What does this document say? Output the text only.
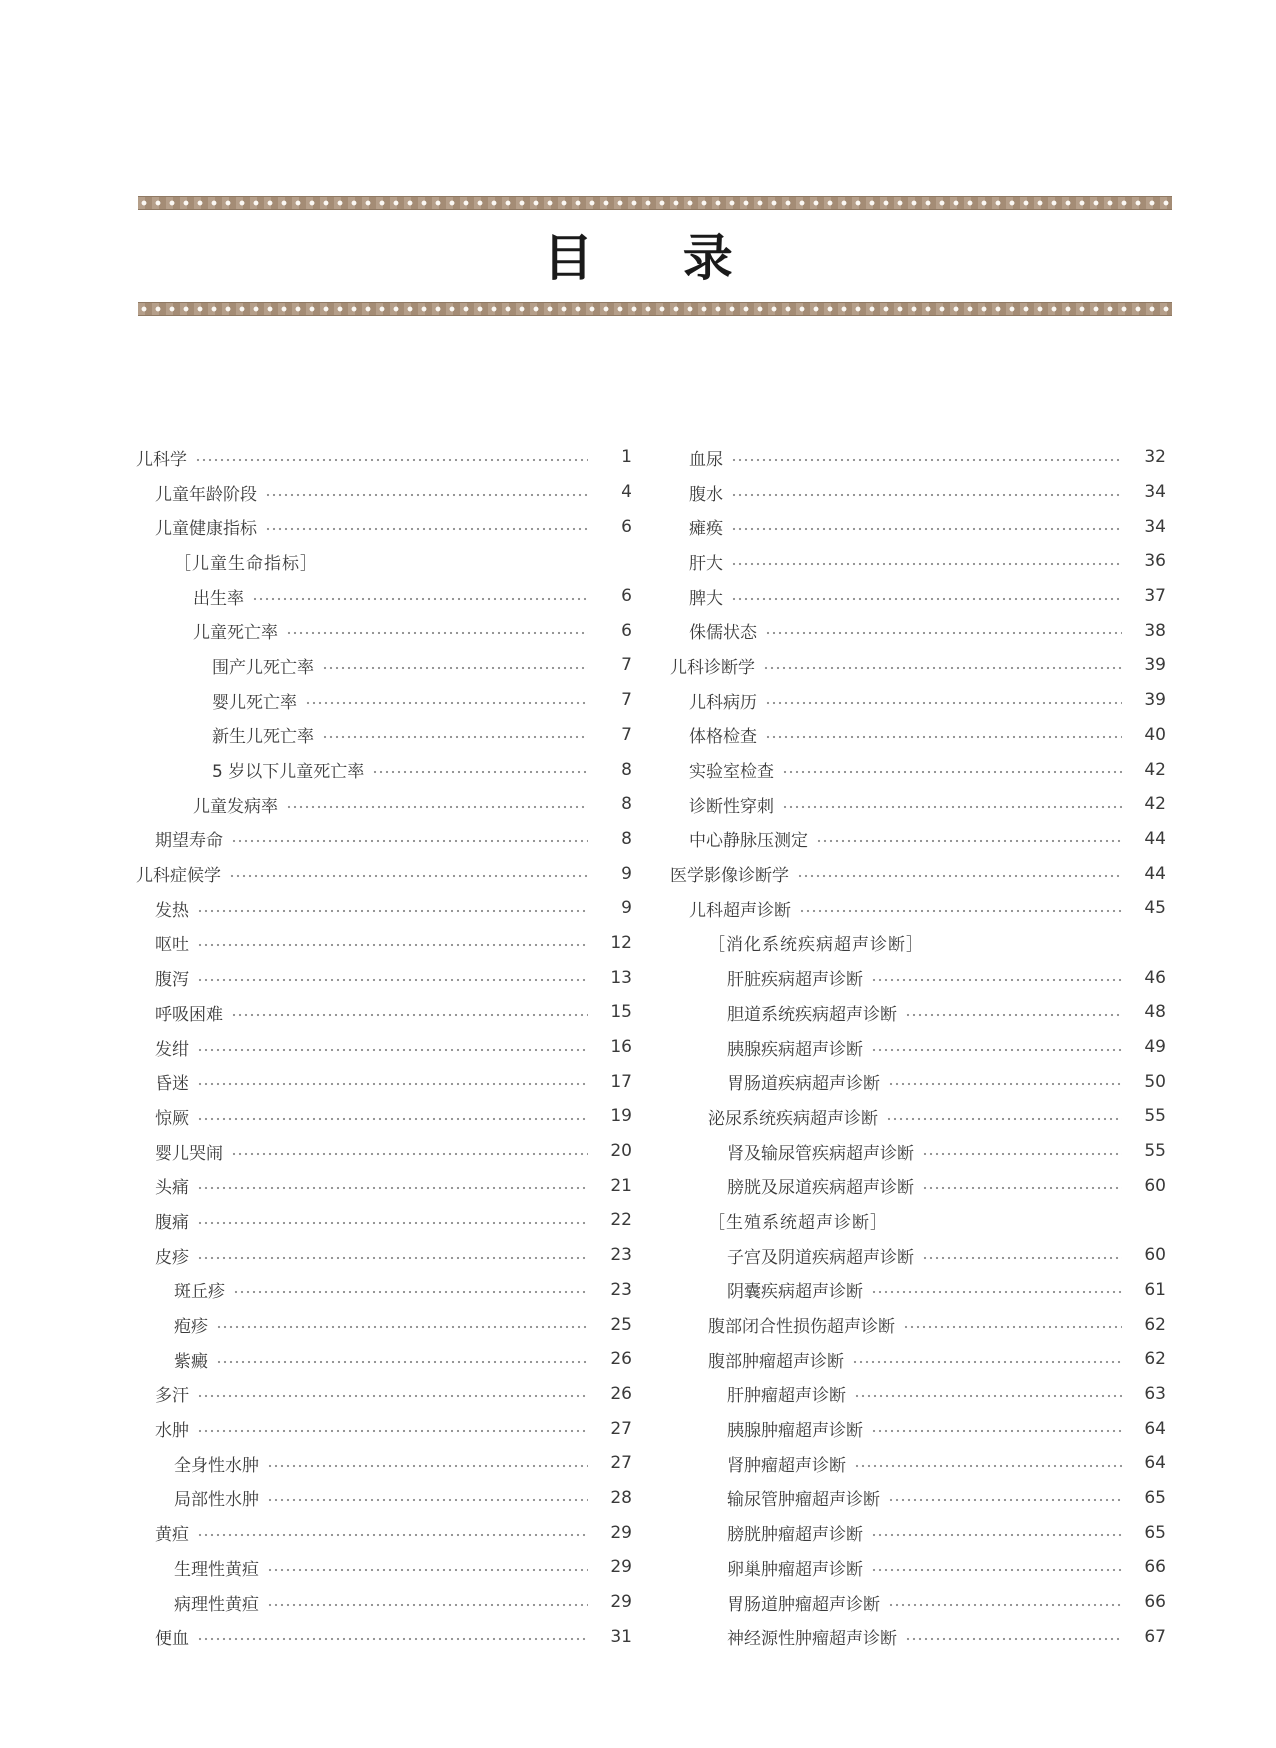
目 录
儿科学	1
儿童年龄阶段	4
儿童健康指标	6
［儿童生命指标］
出生率	6
儿童死亡率	6
围产儿死亡率	7
婴儿死亡率	7
新生儿死亡率	7
5 岁以下儿童死亡率	8
儿童发病率	8
期望寿命	8
儿科症候学	9
发热	9
呕吐	12
腹泻	13
呼吸困难	15
发绀	16
昏迷	17
惊厥	19
婴儿哭闹	20
头痛	21
腹痛	22
皮疹	23
斑丘疹	23
疱疹	25
紫癜	26
多汗	26
水肿	27
全身性水肿	27
局部性水肿	28
黄疸	29
生理性黄疸	29
病理性黄疸	29
便血	31
血尿	32
腹水	34
瘫痪	34
肝大	36
脾大	37
侏儒状态	38
儿科诊断学	39
儿科病历	39
体格检查	40
实验室检查	42
诊断性穿刺	42
中心静脉压测定	44
医学影像诊断学	44
儿科超声诊断	45
［消化系统疾病超声诊断］
肝脏疾病超声诊断	46
胆道系统疾病超声诊断	48
胰腺疾病超声诊断	49
胃肠道疾病超声诊断	50
泌尿系统疾病超声诊断	55
肾及输尿管疾病超声诊断	55
膀胱及尿道疾病超声诊断	60
［生殖系统超声诊断］
子宫及阴道疾病超声诊断	60
阴囊疾病超声诊断	61
腹部闭合性损伤超声诊断	62
腹部肿瘤超声诊断	62
肝肿瘤超声诊断	63
胰腺肿瘤超声诊断	64
肾肿瘤超声诊断	64
输尿管肿瘤超声诊断	65
膀胱肿瘤超声诊断	65
卵巢肿瘤超声诊断	66
胃肠道肿瘤超声诊断	66
神经源性肿瘤超声诊断	67
